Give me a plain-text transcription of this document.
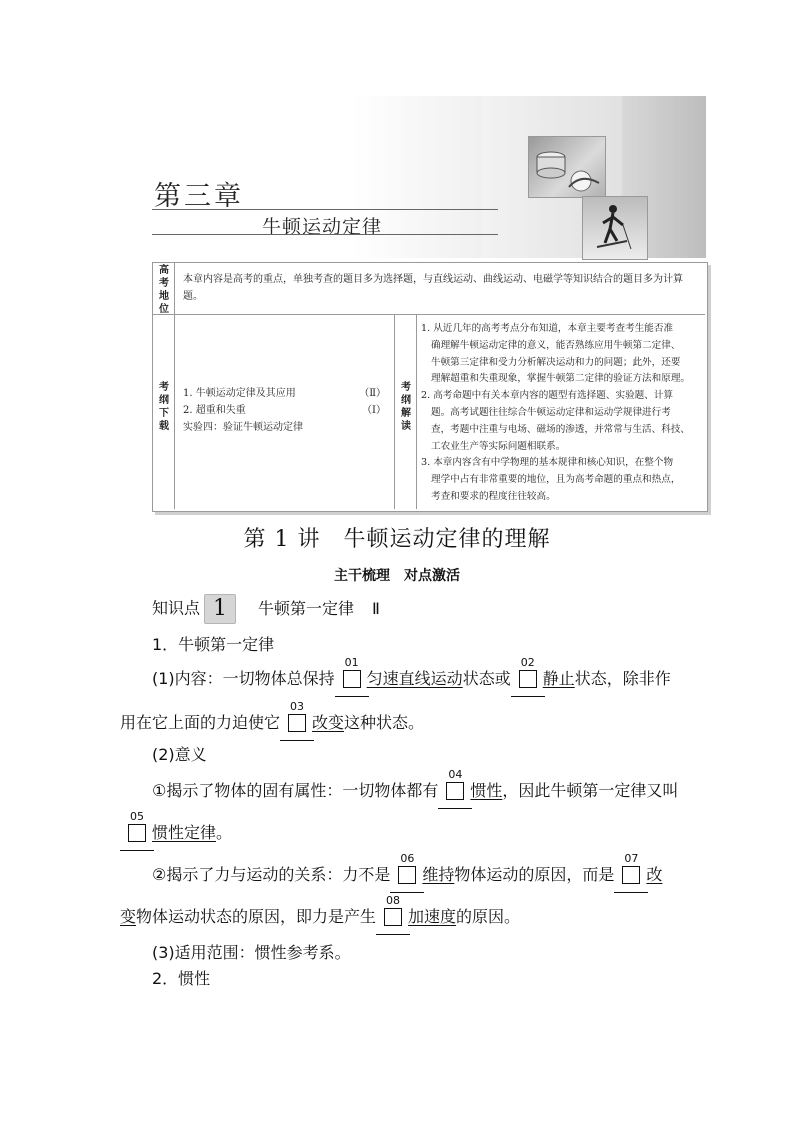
第三章
牛顿运动定律
高考地位
本章内容是高考的重点，单独考查的题目多为选择题，与直线运动、曲线运动、电磁学等知识结合的题目多为计算题。
考纲下载
1. 牛顿运动定律及其应用	（Ⅱ）
2. 超重和失重	（Ⅰ）
实验四：验证牛顿运动定律
考纲解读
1. 从近几年的高考考点分布知道，本章主要考查考生能否准
确理解牛顿运动定律的意义，能否熟练应用牛顿第二定律、
牛顿第三定律和受力分析解决运动和力的问题；此外，还要
理解超重和失重现象，掌握牛顿第二定律的验证方法和原理。
2. 高考命题中有关本章内容的题型有选择题、实验题、计算
题。高考试题往往综合牛顿运动定律和运动学规律进行考
查，考题中注重与电场、磁场的渗透，并常常与生活、科技、
工农业生产等实际问题相联系。
3. 本章内容含有中学物理的基本规律和核心知识，在整个物
理学中占有非常重要的地位，且为高考命题的重点和热点，
考查和要求的程度往往较高。
第 1 讲　牛顿运动定律的理解
主干梳理　对点激活
知识点 1 牛顿第一定律 Ⅱ
1．牛顿第一定律
(1)内容：一切物体总保持
01
匀速直线运动状态或
02
静止状态，除非作
用在它上面的力迫使它
03
改变这种状态。
(2)意义
①揭示了物体的固有属性：一切物体都有
04
惯性，因此牛顿第一定律又叫
05
惯性定律。
②揭示了力与运动的关系：力不是
06
维持物体运动的原因，而是
07
改
变物体运动状态的原因，即力是产生
08
加速度的原因。
(3)适用范围：惯性参考系。
2．惯性
